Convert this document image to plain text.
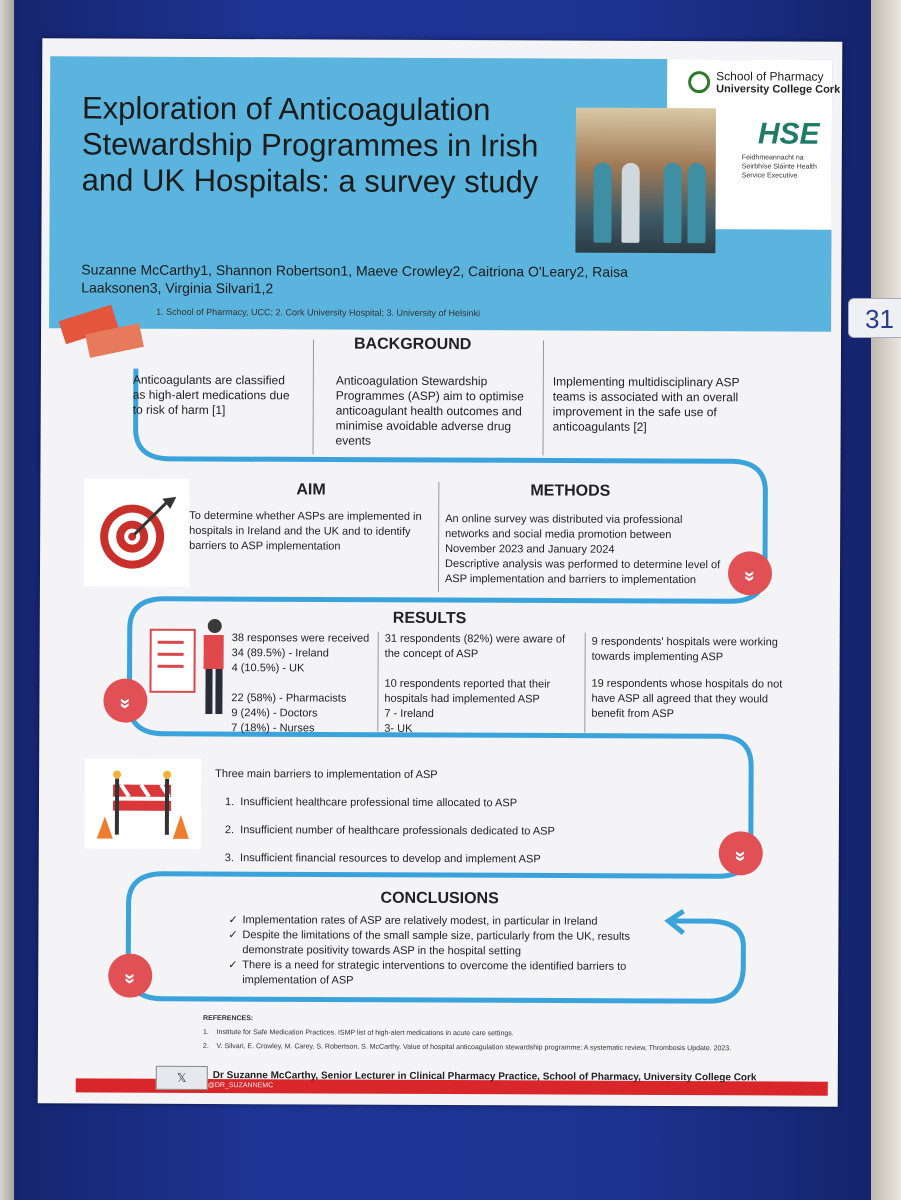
31
Exploration of Anticoagulation Stewardship Programmes in Irish and UK Hospitals: a survey study
School of Pharmacy
University College Cork
HSE
Feidhmeannacht na Seirbhíse Sláinte Health Service Executive
Suzanne McCarthy1, Shannon Robertson1, Maeve Crowley2, Caitriona O'Leary2, Raisa Laaksonen3, Virginia Silvari1,2
1. School of Pharmacy, UCC; 2. Cork University Hospital; 3. University of Helsinki
BACKGROUND
Anticoagulants are classified as high-alert medications due to risk of harm [1]
Anticoagulation Stewardship Programmes (ASP) aim to optimise anticoagulant health outcomes and minimise avoidable adverse drug events
Implementing multidisciplinary ASP teams is associated with an overall improvement in the safe use of anticoagulants [2]
AIM
To determine whether ASPs are implemented in hospitals in Ireland and the UK and to identify barriers to ASP implementation
METHODS
An online survey was distributed via professional networks and social media promotion between November 2023 and January 2024
Descriptive analysis was performed to determine level of ASP implementation and barriers to implementation	»
RESULTS
»
38 responses were received
34 (89.5%) - Ireland
4 (10.5%) - UK
22 (58%) - Pharmacists
9 (24%) - Doctors
7 (18%) - Nurses
31 respondents (82%) were aware of the concept of ASP
10 respondents reported that their hospitals had implemented ASP
7 - Ireland
3- UK
9 respondents' hospitals were working towards implementing ASP
19 respondents whose hospitals do not have ASP all agreed that they would benefit from ASP
Three main barriers to implementation of ASP
1.  Insufficient healthcare professional time allocated to ASP
2.  Insufficient number of healthcare professionals dedicated to ASP
3.  Insufficient financial resources to develop and implement ASP	»
CONCLUSIONS
✓ Implementation rates of ASP are relatively modest, in particular in Ireland
✓ Despite the limitations of the small sample size, particularly from the UK, results demonstrate positivity towards ASP in the hospital setting
✓ There is a need for strategic interventions to overcome the identified barriers to implementation of ASP
»
REFERENCES:
1.    Institute for Safe Medication Practices. ISMP list of high-alert medications in acute care settings.
2.    V. Silvari, E. Crowley, M. Carey, S. Robertson, S. McCarthy. Value of hospital anticoagulation stewardship programme: A systematic review, Thrombosis Update. 2023.
𝕏	Dr Suzanne McCarthy, Senior Lecturer in Clinical Pharmacy Practice, School of Pharmacy, University College Cork
@DR_SUZANNEMC
